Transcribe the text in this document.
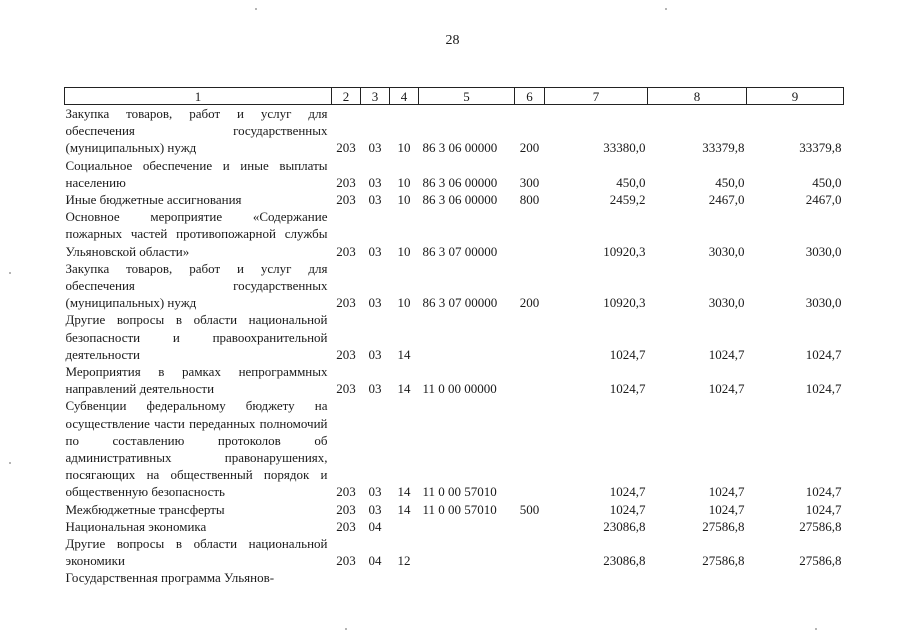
28
1	2	3	4	5	6	7	8	9
Закупка товаров, работ и услуг для обеспечения государственных (муниципальных) нужд	203	03	10	86 3 06 00000	200	33380,0	33379,8	33379,8
Социальное обеспечение и иные выплаты населению	203	03	10	86 3 06 00000	300	450,0	450,0	450,0
Иные бюджетные ассигнования	203	03	10	86 3 06 00000	800	2459,2	2467,0	2467,0
Основное мероприятие «Содержание пожарных частей противопожарной службы Ульяновской области»	203	03	10	86 3 07 00000		10920,3	3030,0	3030,0
Закупка товаров, работ и услуг для обеспечения государственных (муниципальных) нужд	203	03	10	86 3 07 00000	200	10920,3	3030,0	3030,0
Другие вопросы в области национальной безопасности и правоохранительной деятельности	203	03	14			1024,7	1024,7	1024,7
Мероприятия в рамках непрограммных направлений деятельности	203	03	14	11 0 00 00000		1024,7	1024,7	1024,7
Субвенции федеральному бюджету на осуществление части переданных полномочий по составлению протоколов об административных правонарушениях, посягающих на общественный порядок и общественную безопасность	203	03	14	11 0 00 57010		1024,7	1024,7	1024,7
Межбюджетные трансферты	203	03	14	11 0 00 57010	500	1024,7	1024,7	1024,7
Национальная экономика	203	04				23086,8	27586,8	27586,8
Другие вопросы в области национальной экономики	203	04	12			23086,8	27586,8	27586,8
Государственная программа Ульянов-								
